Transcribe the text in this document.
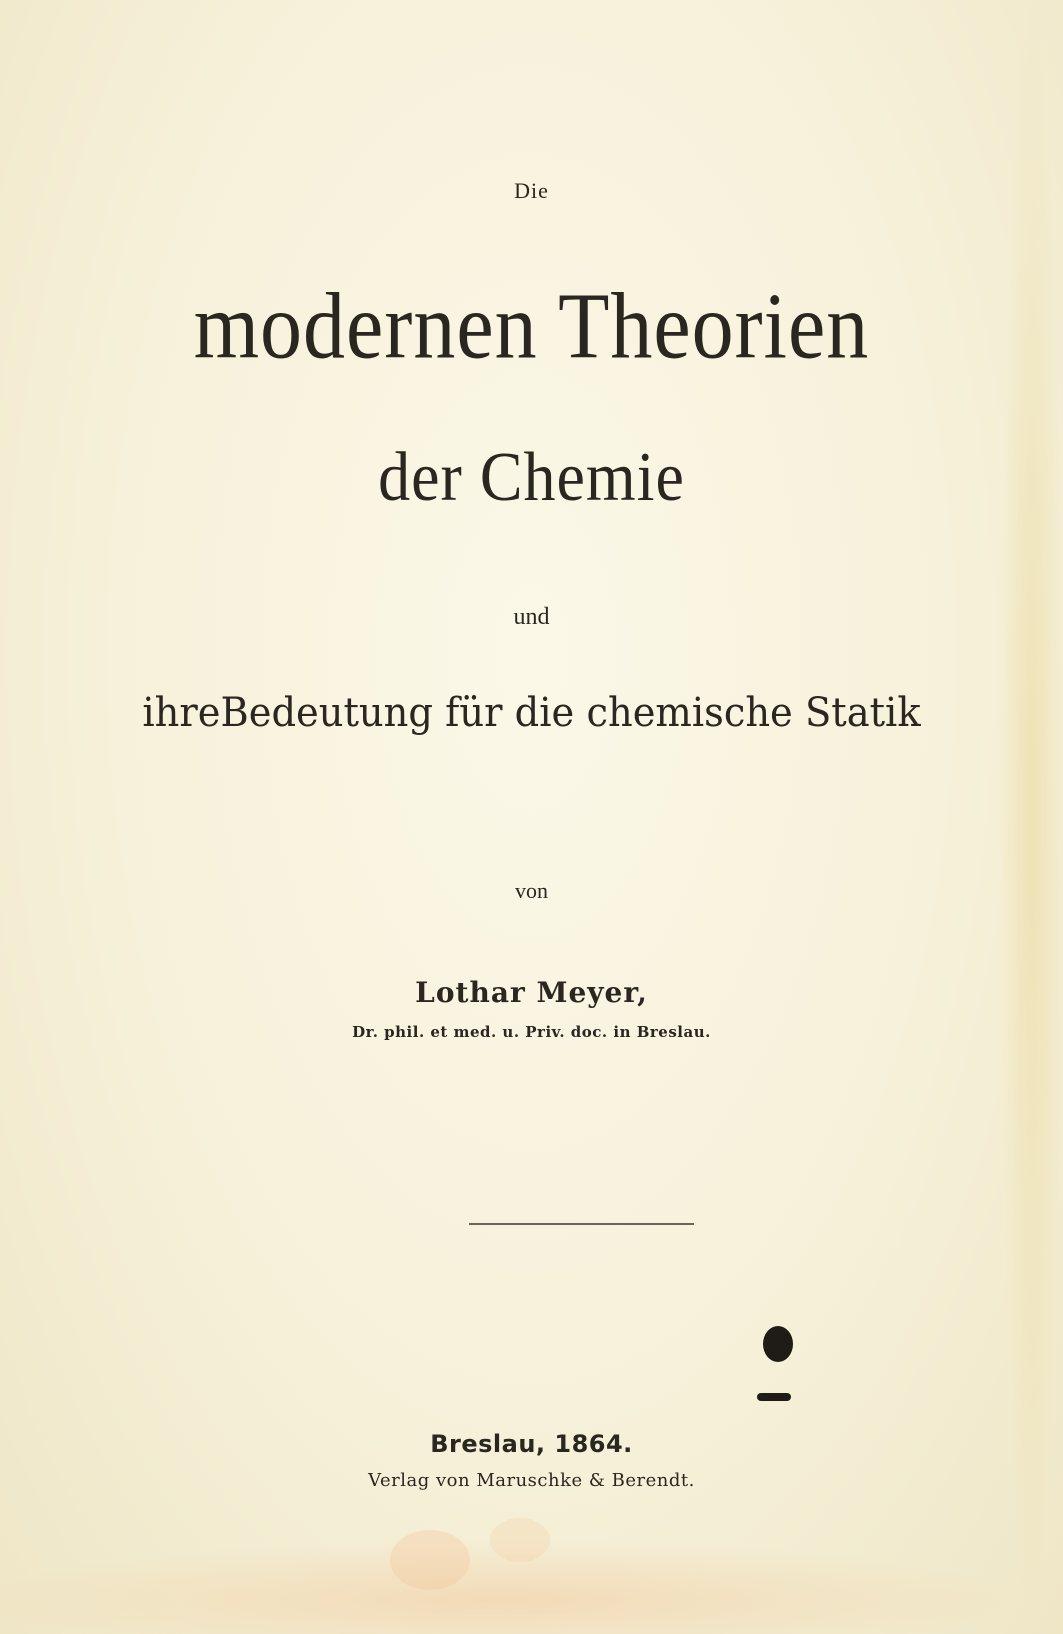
Die
modernen Theorien
der Chemie
und
ihreBedeutung für die chemische Statik
von
Lothar Meyer,
Dr. phil. et med. u. Priv. doc. in Breslau.
Breslau, 1864.
Verlag von Maruschke & Berendt.
